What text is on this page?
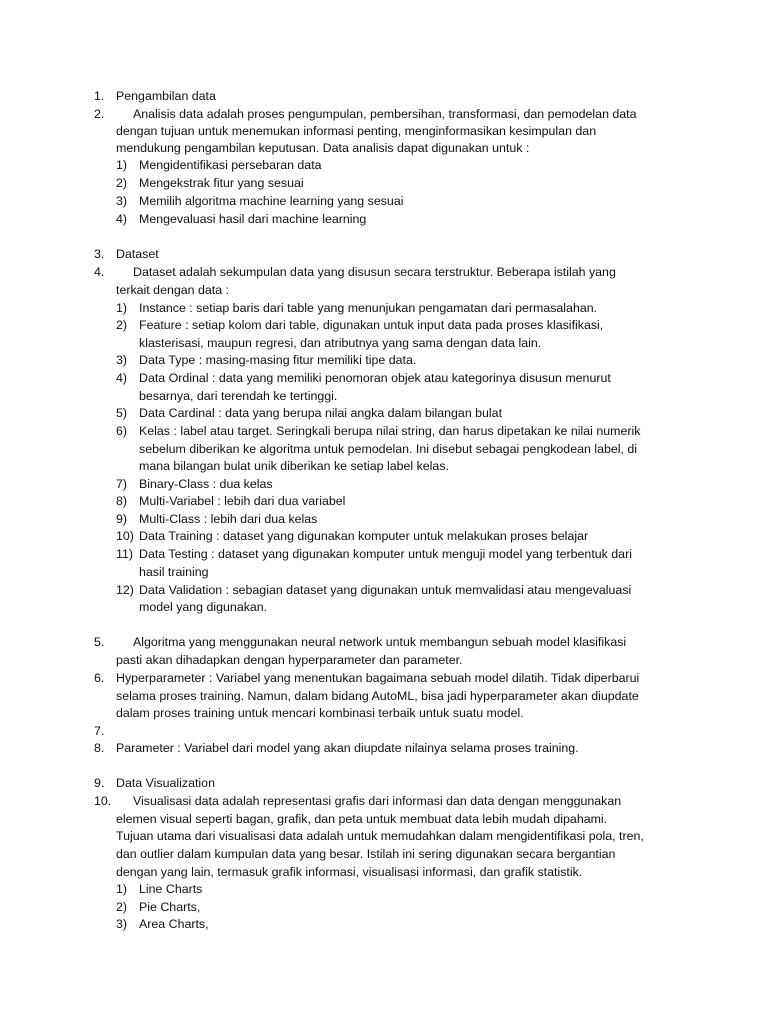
1. Pengambilan data
2. Analisis data adalah proses pengumpulan, pembersihan, transformasi, dan pemodelan data
dengan tujuan untuk menemukan informasi penting, menginformasikan kesimpulan dan
mendukung pengambilan keputusan. Data analisis dapat digunakan untuk :
1) Mengidentifikasi persebaran data
2) Mengekstrak fitur yang sesuai
3) Memilih algoritma machine learning yang sesuai
4) Mengevaluasi hasil dari machine learning
3. Dataset
4. Dataset adalah sekumpulan data yang disusun secara terstruktur. Beberapa istilah yang
terkait dengan data :
1) Instance : setiap baris dari table yang menunjukan pengamatan dari permasalahan.
2) Feature : setiap kolom dari table, digunakan untuk input data pada proses klasifikasi,
klasterisasi, maupun regresi, dan atributnya yang sama dengan data lain.
3) Data Type : masing-masing fitur memiliki tipe data.
4) Data Ordinal : data yang memiliki penomoran objek atau kategorinya disusun menurut
besarnya, dari terendah ke tertinggi.
5) Data Cardinal : data yang berupa nilai angka dalam bilangan bulat
6) Kelas : label atau target. Seringkali berupa nilai string, dan harus dipetakan ke nilai numerik
sebelum diberikan ke algoritma untuk pemodelan. Ini disebut sebagai pengkodean label, di
mana bilangan bulat unik diberikan ke setiap label kelas.
7) Binary-Class : dua kelas
8) Multi-Variabel : lebih dari dua variabel
9) Multi-Class : lebih dari dua kelas
10) Data Training : dataset yang digunakan komputer untuk melakukan proses belajar
11) Data Testing : dataset yang digunakan komputer untuk menguji model yang terbentuk dari
hasil training
12) Data Validation : sebagian dataset yang digunakan untuk memvalidasi atau mengevaluasi
model yang digunakan.
5. Algoritma yang menggunakan neural network untuk membangun sebuah model klasifikasi
pasti akan dihadapkan dengan hyperparameter dan parameter.
6. Hyperparameter : Variabel yang menentukan bagaimana sebuah model dilatih. Tidak diperbarui
selama proses training. Namun, dalam bidang AutoML, bisa jadi hyperparameter akan diupdate
dalam proses training untuk mencari kombinasi terbaik untuk suatu model.
7.
8. Parameter : Variabel dari model yang akan diupdate nilainya selama proses training.
9. Data Visualization
10. Visualisasi data adalah representasi grafis dari informasi dan data dengan menggunakan
elemen visual seperti bagan, grafik, dan peta untuk membuat data lebih mudah dipahami.
Tujuan utama dari visualisasi data adalah untuk memudahkan dalam mengidentifikasi pola, tren,
dan outlier dalam kumpulan data yang besar. Istilah ini sering digunakan secara bergantian
dengan yang lain, termasuk grafik informasi, visualisasi informasi, dan grafik statistik.
1) Line Charts
2) Pie Charts,
3) Area Charts,
